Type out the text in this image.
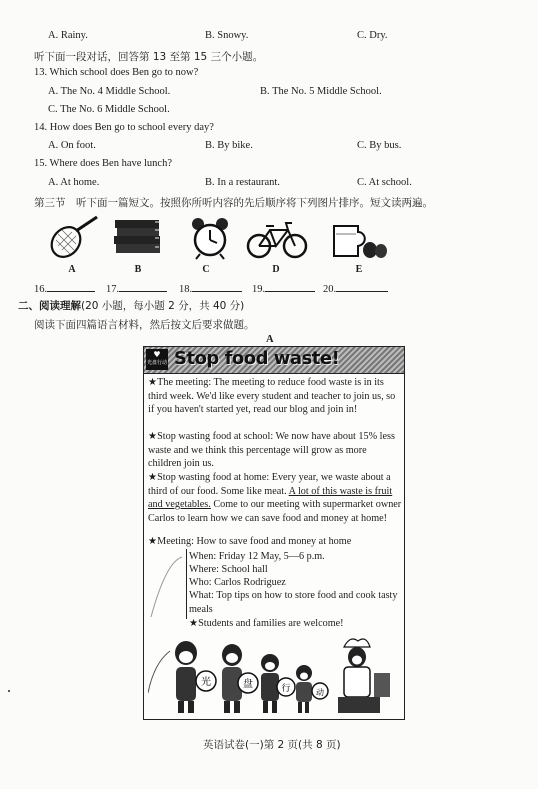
A. Rainy.	B. Snowy.	C. Dry.
听下面一段对话，回答第 13 至第 15 三个小题。
13. Which school does Ben go to now?
A. The No. 4 Middle School.	B. The No. 5 Middle School.
C. The No. 6 Middle School.
14. How does Ben go to school every day?
A. On foot.	B. By bike.	C. By bus.
15. Where does Ben have lunch?
A. At home.	B. In a restaurant.	C. At school.
第三节　听下面一篇短文。按照你所听内容的先后顺序将下列图片排序。短文读两遍。
A	B	C	D	E
16.	17.	18.	19.	20.
二、阅读理解(20 小题，每小题 2 分，共 40 分)
阅读下面四篇语言材料，然后按文后要求做题。
A
♥
光盘行动 Stop food waste!
★The meeting: The meeting to reduce food waste is in its third week. We'd like every student and teacher to join us, so if you haven't started yet, read our blog and join in!
★Stop wasting food at school: We now have about 15% less waste and we think this percentage will grow as more children join us.
★Stop wasting food at home: Every year, we waste about a third of our food. Some like meat. A lot of this waste is fruit and vegetables. Come to our meeting with supermarket owner Carlos to learn how we can save food and money at home!
★Meeting: How to save food and money at home
When: Friday 12 May, 5—6 p.m.
Where: School hall
Who: Carlos Rodriguez
What: Top tips on how to store food and cook tasty meals
★Students and families are welcome!
光	盘	行	动
英语试卷(一)第 2 页(共 8 页)
